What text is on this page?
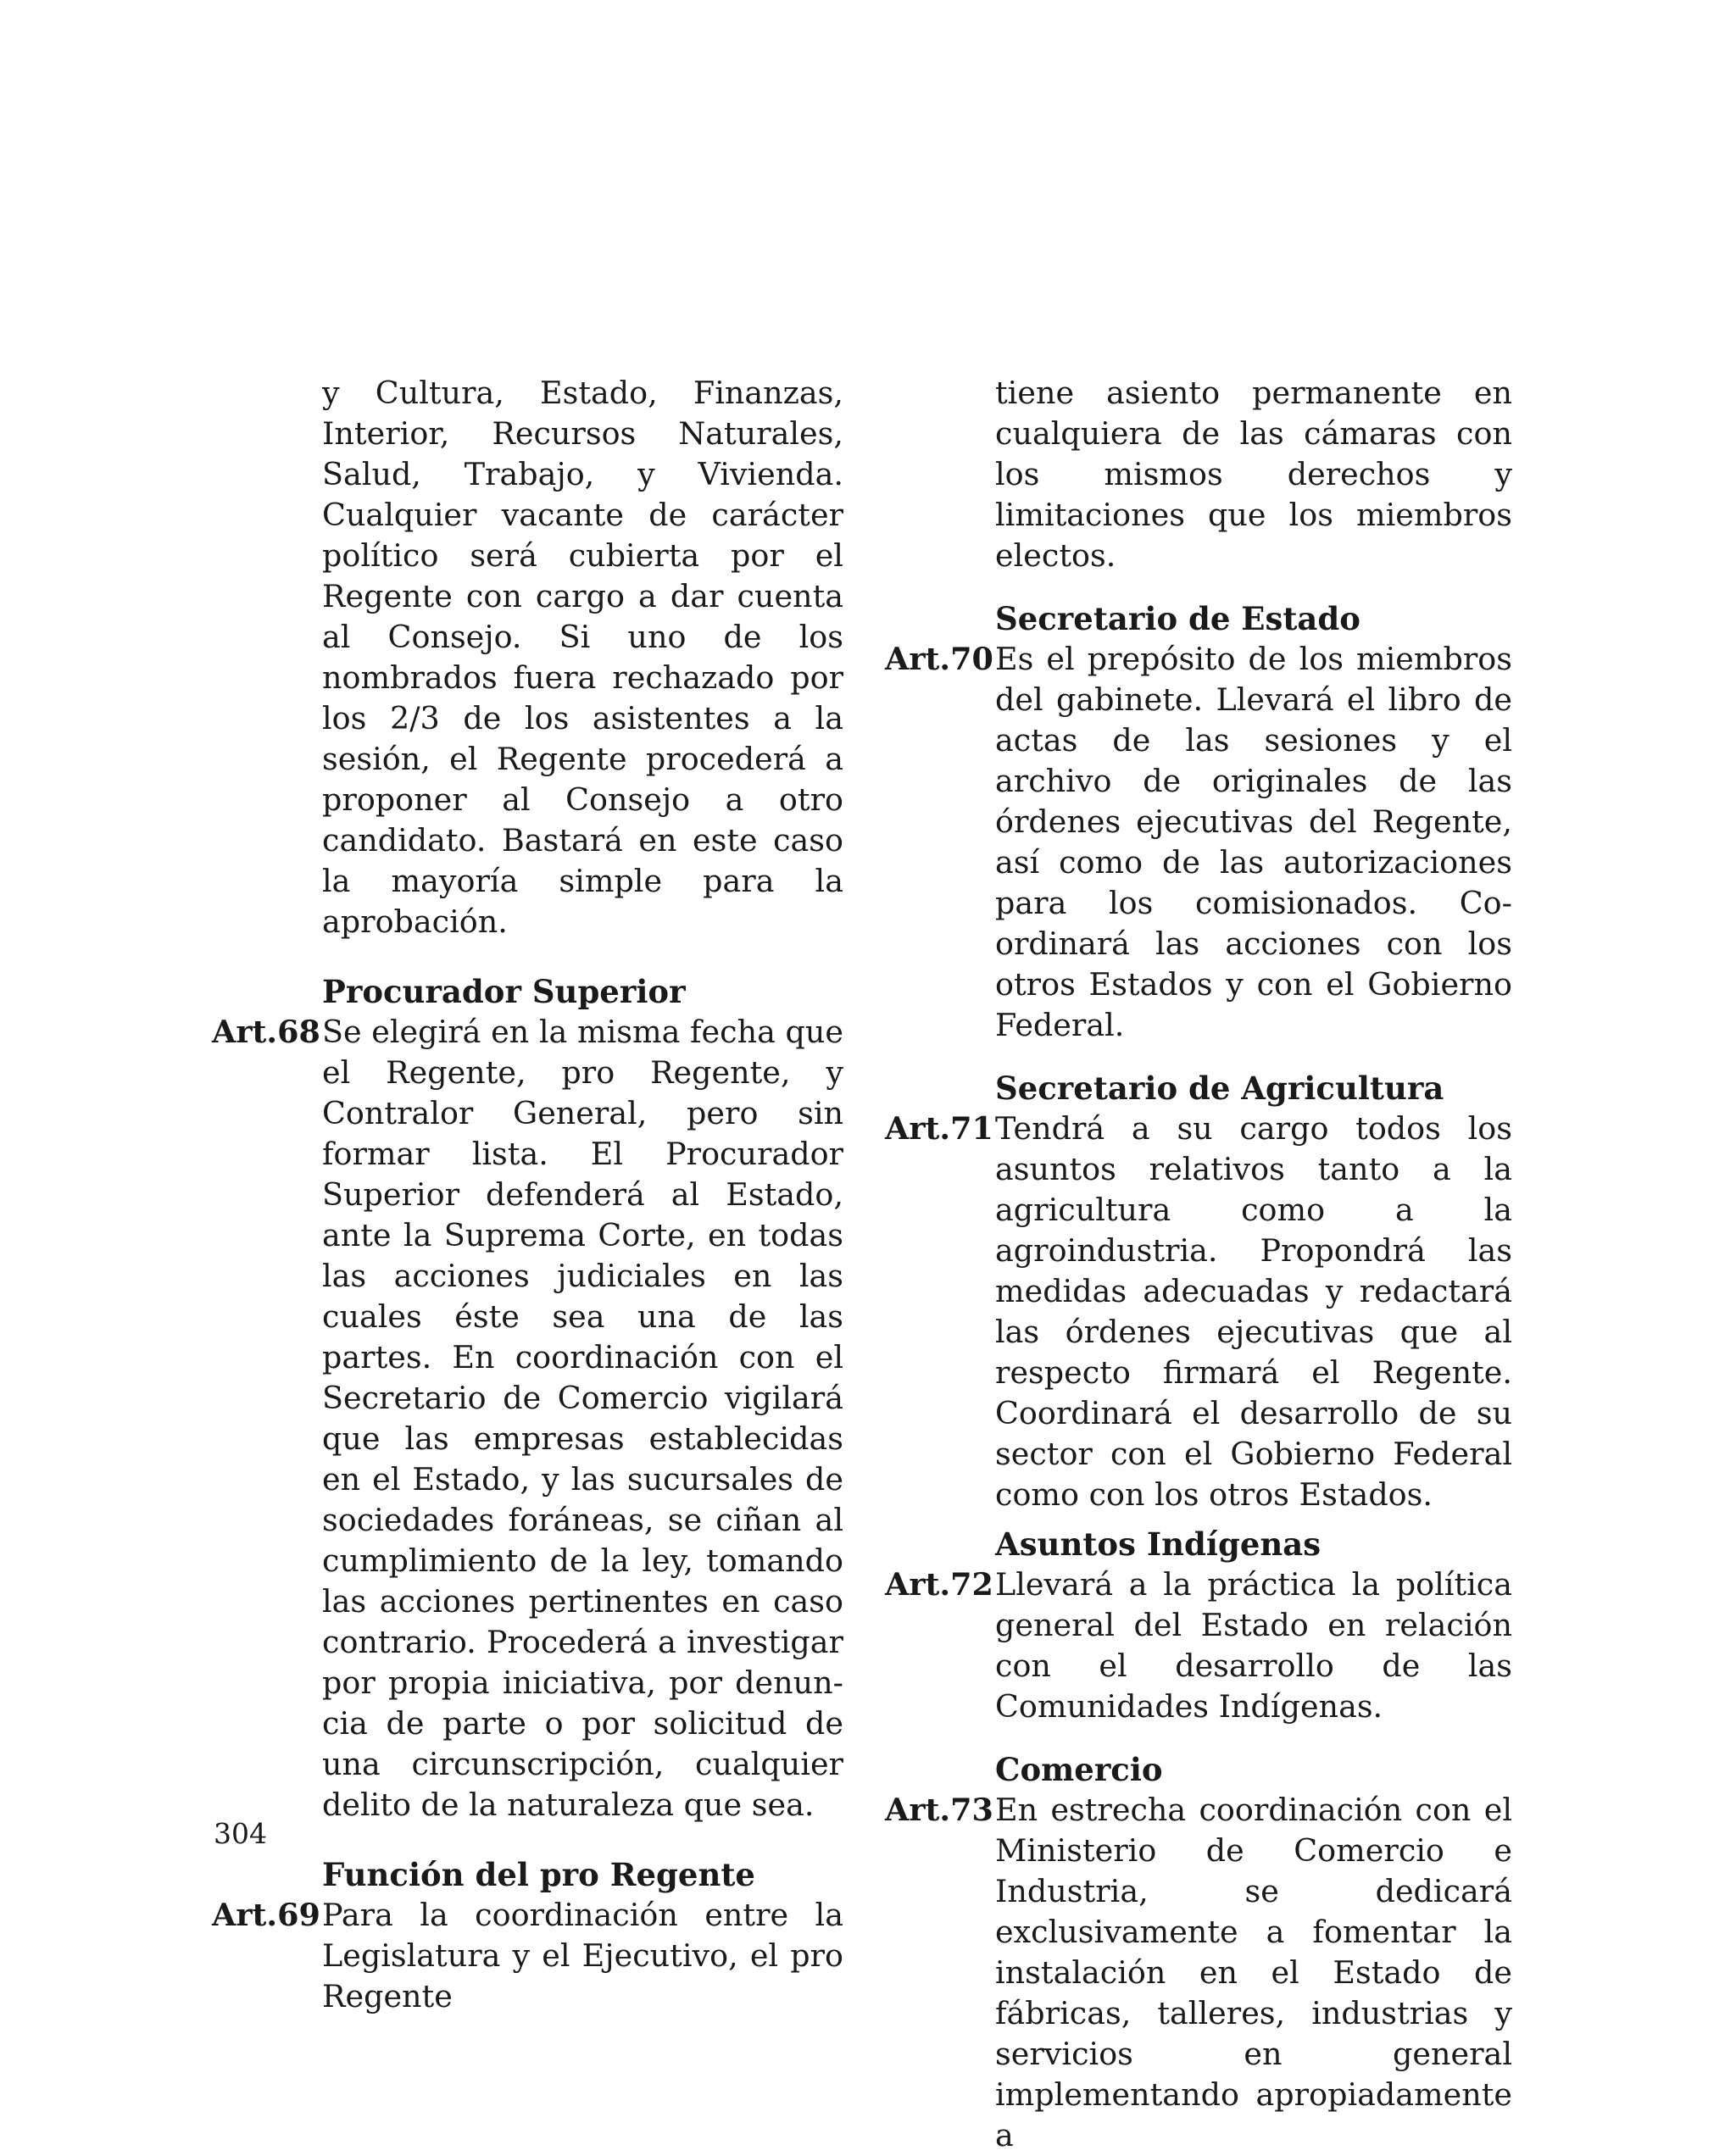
y Cultura, Estado, Finanzas, Interior, Recursos Naturales, Salud, Trabajo, y Vivienda. Cualquier vacante de carácter político será cubierta por el Regente con cargo a dar cuenta al Consejo. Si uno de los nombrados fuera rechazado por los 2/3 de los asistentes a la sesión, el Regente procederá a proponer al Consejo a otro candidato. Bastará en este caso la mayoría simple para la aprobación.
Procurador Superior
Art.68 Se elegirá en la misma fecha que el Regente, pro Regente, y Contralor General, pero sin formar lista. El Procurador Superior defenderá al Estado, ante la Suprema Corte, en todas las acciones judiciales en las cuales éste sea una de las partes. En coordinación con el Secretario de Comercio vigilará que las empresas establecidas en el Estado, y las sucursales de sociedades foráneas, se ciñan al cumplimiento de la ley, tomando las acciones pertinentes en caso contrario. Procederá a investigar por propia iniciativa, por denuncia de parte o por solicitud de una circunscripción, cualquier delito de la naturaleza que sea.
Función del pro Regente
Art.69 Para la coordinación entre la Legislatura y el Ejecutivo, el pro Regente
tiene asiento permanente en cualquiera de las cámaras con los mismos derechos y limitaciones que los miembros electos.
Secretario de Estado
Art.70 Es el prepósito de los miembros del gabinete. Llevará el libro de actas de las sesiones y el archivo de originales de las órdenes ejecutivas del Regente, así como de las autorizaciones para los comisionados. Coordinará las acciones con los otros Estados y con el Gobierno Federal.
Secretario de Agricultura
Art.71 Tendrá a su cargo todos los asuntos relativos tanto a la agricultura como a la agroindustria. Propondrá las medidas adecuadas y redactará las órdenes ejecutivas que al respecto firmará el Regente. Coordinará el desarrollo de su sector con el Gobierno Federal como con los otros Estados.
Asuntos Indígenas
Art.72 Llevará a la práctica la política general del Estado en relación con el desarrollo de las Comunidades Indígenas.
Comercio
Art.73 En estrecha coordinación con el Ministerio de Comercio e Industria, se dedicará exclusivamente a fomentar la instalación en el Estado de fábricas, talleres, industrias y servicios en general implementando apropiadamente a
304
